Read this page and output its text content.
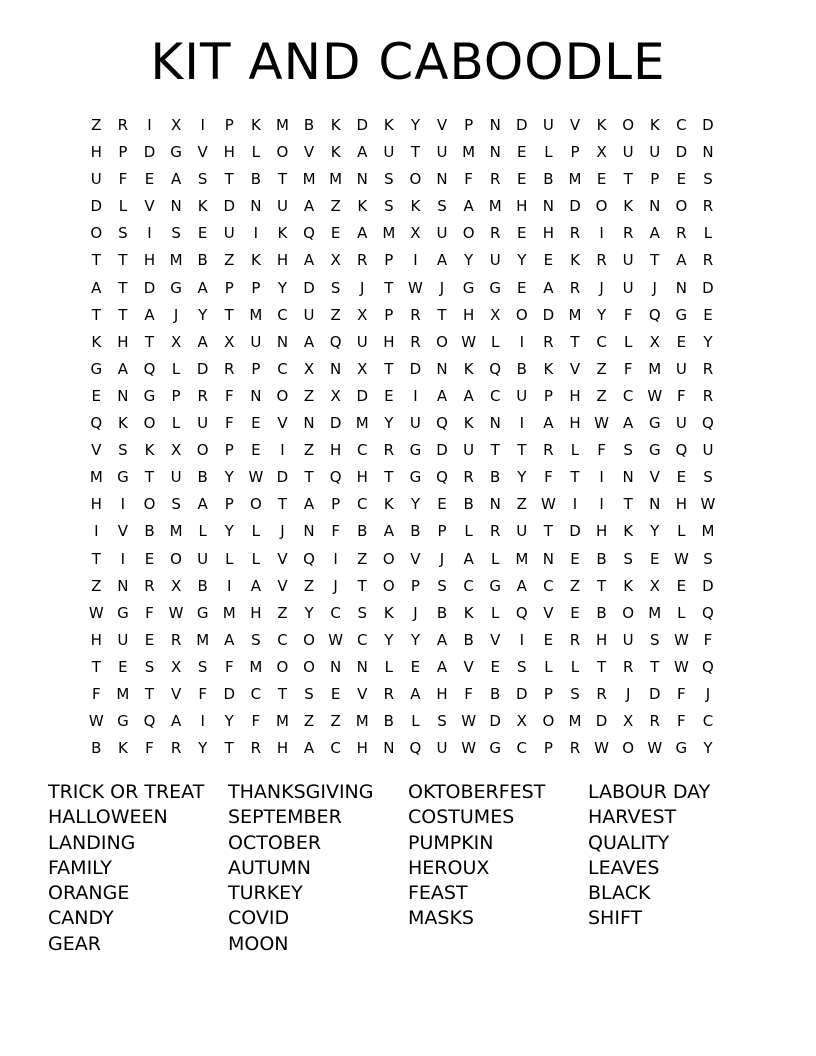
KIT AND CABOODLE
Z	R	I	X	I	P	K	M B	K	D	K	Y	V	P	N	D	U	V	K	O	K	C	D
H	P	D	G	V	H	L	O	V	K	A	U	T	U M N	E	L	P	X	U	U	D	N
U	F	E	A	S	T	B	T	M M N	S	O	N	F	R	E	B M	E	T	P	E	S
D	L	V	N	K	D	N	U	A	Z	K	S	K	S	A M H	N	D O	K	N	O	R
O	S	I	S	E	U	I	K	Q	E	A M X	U	O	R	E	H	R	I	R	A	R	L
T	T	H M B	Z	K	H	A	X	R	P	I	A	Y	U	Y	E	K	R	U	T	A	R
A	T	D	G	A	P	P	Y	D	S	J	T W	J	G G	E	A	R	J	U	J	N	D
T	T	A	J	Y	T	M C	U	Z	X	P	R	T	H	X	O D M	Y	F	Q G	E
K	H	T	X	A	X	U	N	A	Q	U	H	R	O W L	I	R	T	C	L	X	E	Y
G	A	Q	L	D	R	P	C	X	N	X	T	D	N	K	Q	B	K	V	Z	F	M U	R
E	N	G	P	R	F	N	O	Z	X	D	E	I	A	A	C	U	P	H	Z	C W F	R
Q	K	O	L	U	F	E	V	N	D M	Y	U	Q	K	N	I	A	H W A	G	U	Q
V	S	K	X	O	P	E	I	Z	H	C	R	G	D	U	T	T	R	L	F	S	G Q	U
M G	T	U	B	Y W D	T	Q	H	T	G Q	R	B	Y	F	T	I	N	V	E	S
H	I	O	S	A	P	O	T	A	P	C	K	Y	E	B	N	Z W	I	I	T	N	H W
I	V	B M	L	Y	L	J	N	F	B	A	B	P	L	R	U	T	D	H	K	Y	L	M
T	I	E	O	U	L	L	V	Q	I	Z	O	V	J	A	L	M N	E	B	S	E W S
Z	N	R	X	B	I	A	V	Z	J	T	O	P	S	C	G	A	C	Z	T	K	X	E	D
W G	F W G M H	Z	Y	C	S	K	J	B	K	L	Q	V	E	B	O M	L	Q
H	U	E	R M A	S	C	O W C	Y	Y	A	B	V	I	E	R	H	U	S W F
T	E	S	X	S	F	M O O	N	N	L	E	A	V	E	S	L	L	T	R	T W Q
F	M	T	V	F	D	C	T	S	E	V	R	A	H	F	B	D	P	S	R	J	D	F	J
W G Q	A	I	Y	F	M Z	Z M B	L	S W D	X	O M D	X	R	F	C
B	K	F	R	Y	T	R	H	A	C	H	N	Q	U W G	C	P	R W O W G	Y
TRICK OR TREAT	THANKSGIVING	OKTOBERFEST	LABOUR DAY
HALLOWEEN	SEPTEMBER	COSTUMES	HARVEST
LANDING	OCTOBER	PUMPKIN	QUALITY
FAMILY	AUTUMN	HEROUX	LEAVES
ORANGE	TURKEY	FEAST	BLACK
CANDY	COVID	MASKS	SHIFT
GEAR	MOON
